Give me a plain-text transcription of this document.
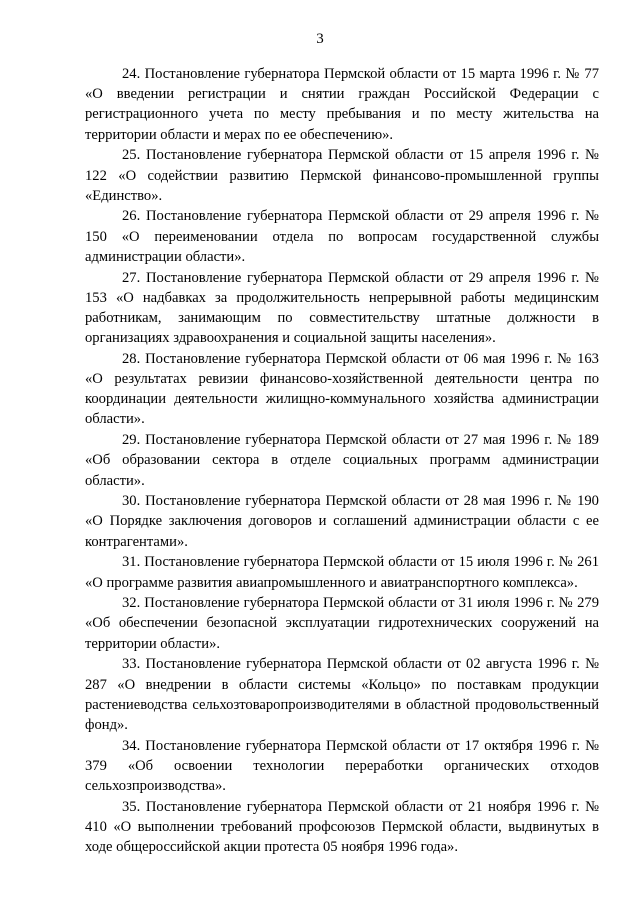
3

24. Постановление губернатора Пермской области от 15 марта 1996 г. № 77 «О введении регистрации и снятии граждан Российской Федерации с регистрационного учета по месту пребывания и по месту жительства на территории области и мерах по ее обеспечению».

25. Постановление губернатора Пермской области от 15 апреля 1996 г. № 122 «О содействии развитию Пермской финансово-промышленной группы «Единство».

26. Постановление губернатора Пермской области от 29 апреля 1996 г. № 150 «О переименовании отдела по вопросам государственной службы администрации области».

27. Постановление губернатора Пермской области от 29 апреля 1996 г. № 153 «О надбавках за продолжительность непрерывной работы медицинским работникам, занимающим по совместительству штатные должности в организациях здравоохранения и социальной защиты населения».

28. Постановление губернатора Пермской области от 06 мая 1996 г. № 163 «О результатах ревизии финансово-хозяйственной деятельности центра по координации деятельности жилищно-коммунального хозяйства администрации области».

29. Постановление губернатора Пермской области от 27 мая 1996 г. № 189 «Об образовании сектора в отделе социальных программ администрации области».

30. Постановление губернатора Пермской области от 28 мая 1996 г. № 190 «О Порядке заключения договоров и соглашений администрации области с ее контрагентами».

31. Постановление губернатора Пермской области от 15 июля 1996 г. № 261 «О программе развития авиапромышленного и авиатранспортного комплекса».

32. Постановление губернатора Пермской области от 31 июля 1996 г. № 279 «Об обеспечении безопасной эксплуатации гидротехнических сооружений на территории области».

33. Постановление губернатора Пермской области от 02 августа 1996 г. № 287 «О внедрении в области системы «Кольцо» по поставкам продукции растениеводства сельхозтоваропроизводителями в областной продовольственный фонд».

34. Постановление губернатора Пермской области от 17 октября 1996 г. № 379 «Об освоении технологии переработки органических отходов сельхозпроизводства».

35. Постановление губернатора Пермской области от 21 ноября 1996 г. № 410 «О выполнении требований профсоюзов Пермской области, выдвинутых в ходе общероссийской акции протеста 05 ноября 1996 года».
